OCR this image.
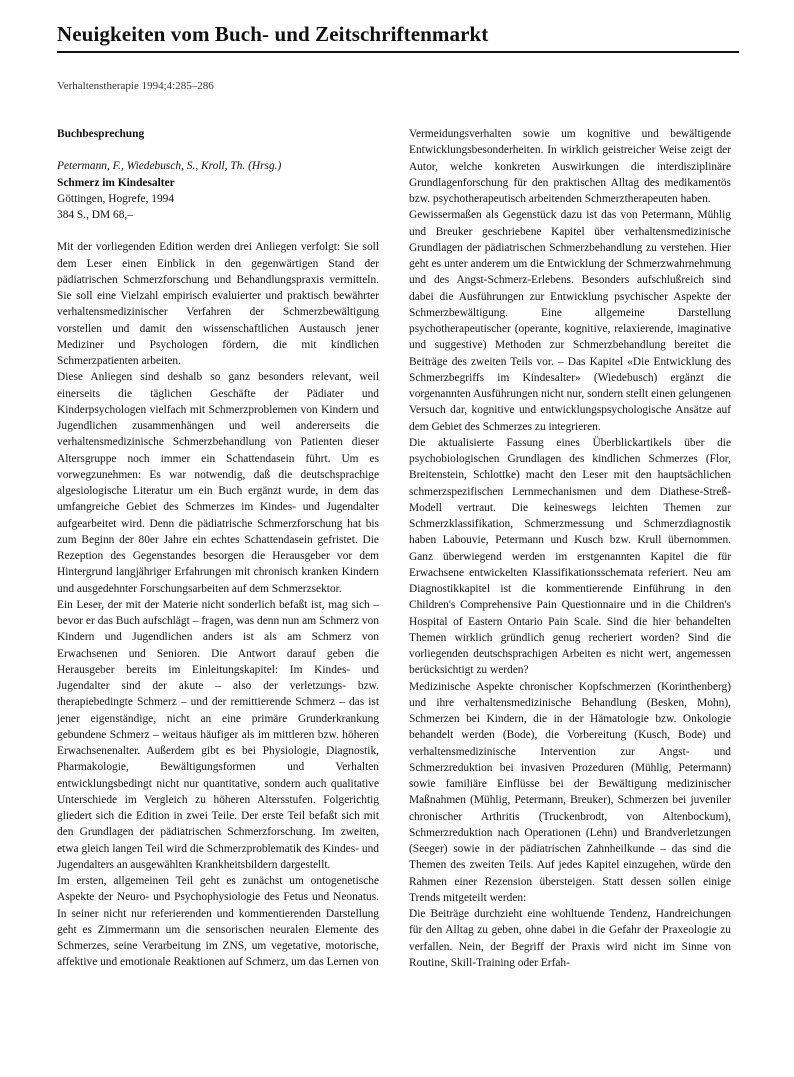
Neuigkeiten vom Buch- und Zeitschriftenmarkt
Verhaltenstherapie 1994;4:285–286
Buchbesprechung
Petermann, F., Wiedebusch, S., Kroll, Th. (Hrsg.)
Schmerz im Kindesalter
Göttingen, Hogrefe, 1994
384 S., DM 68,–

Mit der vorliegenden Edition werden drei Anliegen verfolgt: Sie soll dem Leser einen Einblick in den gegenwärtigen Stand der pädiatrischen Schmerzforschung und Behandlungspraxis vermitteln. Sie soll eine Vielzahl empirisch evaluierter und praktisch bewährter verhaltensmedizinischer Verfahren der Schmerzbewältigung vorstellen und damit den wissenschaftlichen Austausch jener Mediziner und Psychologen fördern, die mit kindlichen Schmerzpatienten arbeiten.

Diese Anliegen sind deshalb so ganz besonders relevant, weil einerseits die täglichen Geschäfte der Pädiater und Kinderpsychologen vielfach mit Schmerzproblemen von Kindern und Jugendlichen zusammenhängen und weil andererseits die verhaltensmedizinische Schmerzbehandlung von Patienten dieser Altersgruppe noch immer ein Schattendasein führt. Um es vorwegzunehmen: Es war notwendig, daß die deutschsprachige algesiologische Literatur um ein Buch ergänzt wurde, in dem das umfangreiche Gebiet des Schmerzes im Kindes- und Jugendalter aufgearbeitet wird. Denn die pädiatrische Schmerzforschung hat bis zum Beginn der 80er Jahre ein echtes Schattendasein gefristet. Die Rezeption des Gegenstandes besorgen die Herausgeber vor dem Hintergrund langjähriger Erfahrungen mit chronisch kranken Kindern und ausgedehnter Forschungsarbeiten auf dem Schmerzsektor.

Ein Leser, der mit der Materie nicht sonderlich befaßt ist, mag sich – bevor er das Buch aufschlägt – fragen, was denn nun am Schmerz von Kindern und Jugendlichen anders ist als am Schmerz von Erwachsenen und Senioren. Die Antwort darauf geben die Herausgeber bereits im Einleitungskapitel: Im Kindes- und Jugendalter sind der akute – also der verletzungs- bzw. therapiebedingte Schmerz – und der remittierende Schmerz – das ist jener eigenständige, nicht an eine primäre Grunderkrankung gebundene Schmerz – weitaus häufiger als im mittleren bzw. höheren Erwachsenenalter. Außerdem gibt es bei Physiologie, Diagnostik, Pharmakologie, Bewältigungsformen und Verhalten entwicklungsbedingt nicht nur quantitative, sondern auch qualitative Unterschiede im Vergleich zu höheren Altersstufen. Folgerichtig gliedert sich die Edition in zwei Teile. Der erste Teil befaßt sich mit den Grundlagen der pädiatrischen Schmerzforschung. Im zweiten, etwa gleich langen Teil wird die Schmerzproblematik des Kindes- und Jugendalters an ausgewählten Krankheitsbildern dargestellt.

Im ersten, allgemeinen Teil geht es zunächst um ontogenetische Aspekte der Neuro- und Psychophysiologie des Fetus und Neonatus. In seiner nicht nur referierenden und kommentierenden Darstellung geht es Zimmermann um die sensorischen neuralen Elemente des Schmerzes, seine Verarbeitung im ZNS, um vegetative, motorische, affektive und emotionale Reaktionen auf Schmerz, um das Lernen von

Vermeidungsverhalten sowie um kognitive und bewältigende Entwicklungsbesonderheiten. In wirklich geistreicher Weise zeigt der Autor, welche konkreten Auswirkungen die interdisziplinäre Grundlagenforschung für den praktischen Alltag des medikamentös bzw. psychotherapeutisch arbeitenden Schmerztherapeuten haben.

Gewissermaßen als Gegenstück dazu ist das von Petermann, Mühlig und Breuker geschriebene Kapitel über verhaltensmedizinische Grundlagen der pädiatrischen Schmerzbehandlung zu verstehen. Hier geht es unter anderem um die Entwicklung der Schmerzwahrnehmung und des Angst-Schmerz-Erlebens. Besonders aufschlußreich sind dabei die Ausführungen zur Entwicklung psychischer Aspekte der Schmerzbewältigung. Eine allgemeine Darstellung psychotherapeutischer (operante, kognitive, relaxierende, imaginative und suggestive) Methoden zur Schmerzbehandlung bereitet die Beiträge des zweiten Teils vor. – Das Kapitel «Die Entwicklung des Schmerzbegriffs im Kindesalter» (Wiedebusch) ergänzt die vorgenannten Ausführungen nicht nur, sondern stellt einen gelungenen Versuch dar, kognitive und entwicklungspsychologische Ansätze auf dem Gebiet des Schmerzes zu integrieren.

Die aktualisierte Fassung eines Überblickartikels über die psychobiologischen Grundlagen des kindlichen Schmerzes (Flor, Breitenstein, Schlottke) macht den Leser mit den hauptsächlichen schmerzspezifischen Lernmechanismen und dem Diathese-Streß-Modell vertraut. Die keineswegs leichten Themen zur Schmerzklassifikation, Schmerzmessung und Schmerzdiagnostik haben Labouvie, Petermann und Kusch bzw. Krull übernommen. Ganz überwiegend werden im erstgenannten Kapitel die für Erwachsene entwickelten Klassifikationsschemata referiert. Neu am Diagnostikkapitel ist die kommentierende Einführung in den Children's Comprehensive Pain Questionnaire und in die Children's Hospital of Eastern Ontario Pain Scale. Sind die hier behandelten Themen wirklich gründlich genug recheriert worden? Sind die vorliegenden deutschsprachigen Arbeiten es nicht wert, angemessen berücksichtigt zu werden?

Medizinische Aspekte chronischer Kopfschmerzen (Korinthenberg) und ihre verhaltensmedizinische Behandlung (Besken, Mohn), Schmerzen bei Kindern, die in der Hämatologie bzw. Onkologie behandelt werden (Bode), die Vorbereitung (Kusch, Bode) und verhaltensmedizinische Intervention zur Angst- und Schmerzreduktion bei invasiven Prozeduren (Mühlig, Petermann) sowie familiäre Einflüsse bei der Bewältigung medizinischer Maßnahmen (Mühlig, Petermann, Breuker), Schmerzen bei juveniler chronischer Arthritis (Truckenbrodt, von Altenbockum), Schmerzreduktion nach Operationen (Lehn) und Brandverletzungen (Seeger) sowie in der pädiatrischen Zahnheilkunde – das sind die Themen des zweiten Teils. Auf jedes Kapitel einzugehen, würde den Rahmen einer Rezension übersteigen. Statt dessen sollen einige Trends mitgeteilt werden:

Die Beiträge durchzieht eine wohltuende Tendenz, Handreichungen für den Alltag zu geben, ohne dabei in die Gefahr der Praxeologie zu verfallen. Nein, der Begriff der Praxis wird nicht im Sinne von Routine, Skill-Training oder Erfah-
